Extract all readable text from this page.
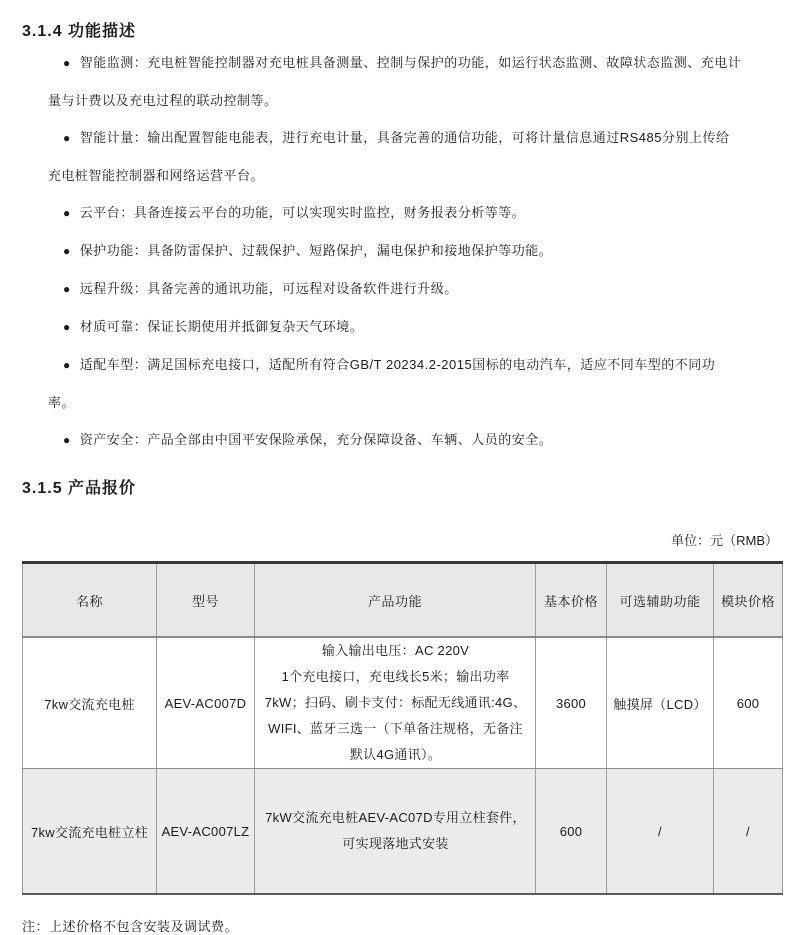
3.1.4 功能描述

● 智能监测：充电桩智能控制器对充电桩具备测量、控制与保护的功能，如运行状态监测、故障状态监测、充电计量与计费以及充电过程的联动控制等。

● 智能计量：输出配置智能电能表，进行充电计量，具备完善的通信功能，可将计量信息通过RS485分别上传给充电桩智能控制器和网络运营平台。

● 云平台：具备连接云平台的功能，可以实现实时监控，财务报表分析等等。

● 保护功能：具备防雷保护、过载保护、短路保护，漏电保护和接地保护等功能。

● 远程升级：具备完善的通讯功能，可远程对设备软件进行升级。

● 材质可靠：保证长期使用并抵御复杂天气环境。

● 适配车型：满足国标充电接口，适配所有符合GB/T 20234.2-2015国标的电动汽车，适应不同车型的不同功率。

● 资产安全：产品全部由中国平安保险承保，充分保障设备、车辆、人员的安全。

3.1.5 产品报价
单位：元（RMB）
名称	型号	产品功能	基本价格	可选辅助功能	模块价格
7kw交流充电桩	AEV-AC007D	输入输出电压：AC 220V
1个充电接口，充电线长5米；输出功率7kW；扫码、刷卡支付：标配无线通讯:4G、WIFI、蓝牙三选一（下单备注规格，无备注默认4G通讯）。	3600	触摸屏（LCD）	600
7kw交流充电桩立柱	AEV-AC007LZ	7kW交流充电桩AEV-AC07D专用立柱套件，可实现落地式安装	600	/	/
注：上述价格不包含安装及调试费。
